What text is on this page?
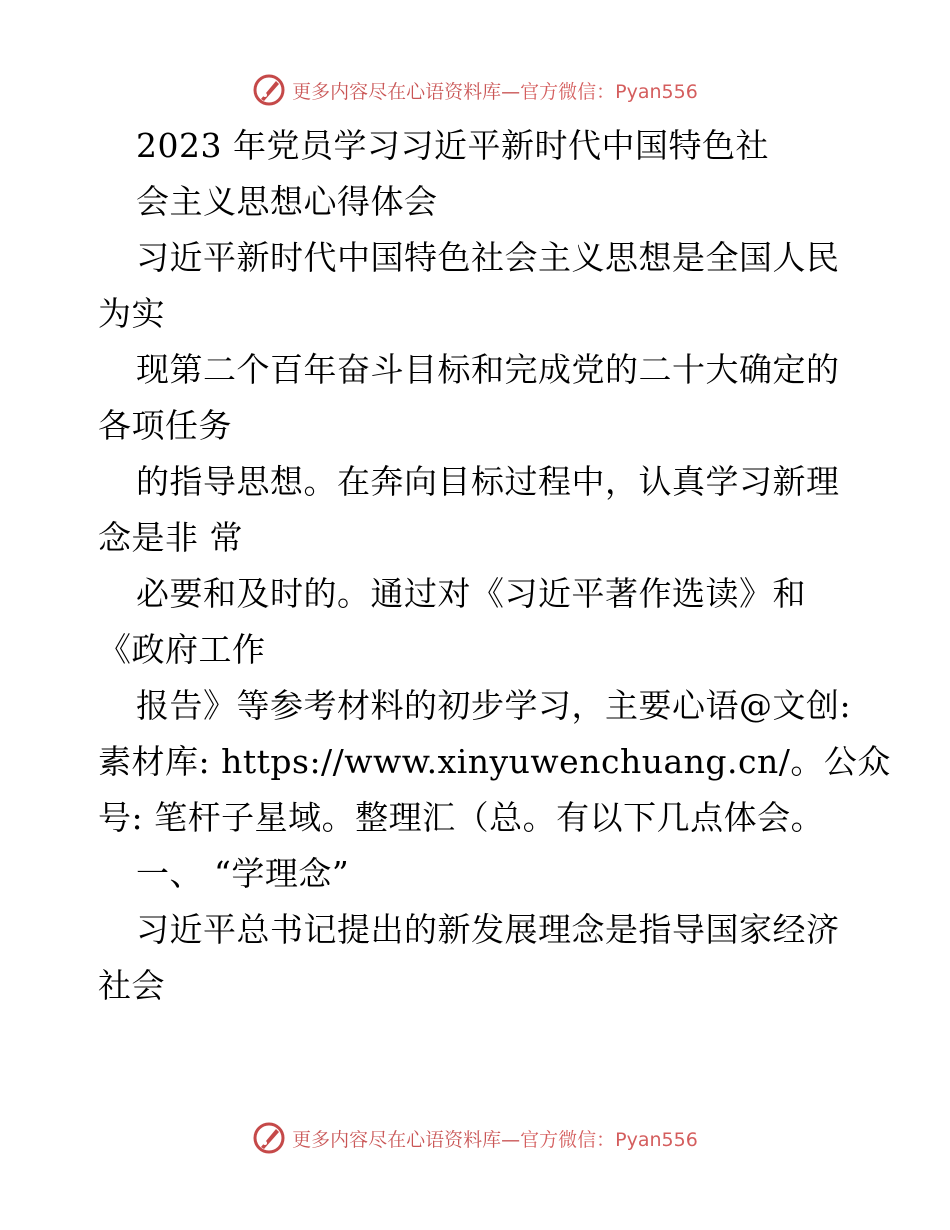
更多内容尽在心语资料库—官方微信：Pyan556
2023 年党员学习习近平新时代中国特色社
会主义思想心得体会
习近平新时代中国特色社会主义思想是全国人民
为实
现第二个百年奋斗目标和完成党的二十大确定的
各项任务
的指导思想。在奔向目标过程中，认真学习新理
念是非 常
必要和及时的。通过对《习近平著作选读》和
《政府工作
报告》等参考材料的初步学习，主要心语@文创:
素材库: https://www.xinyuwenchuang.cn/。公众
号: 笔杆子星域。整理汇（总。有以下几点体会。
一、 “学理念”
习近平总书记提出的新发展理念是指导国家经济
社会
更多内容尽在心语资料库—官方微信：Pyan556
